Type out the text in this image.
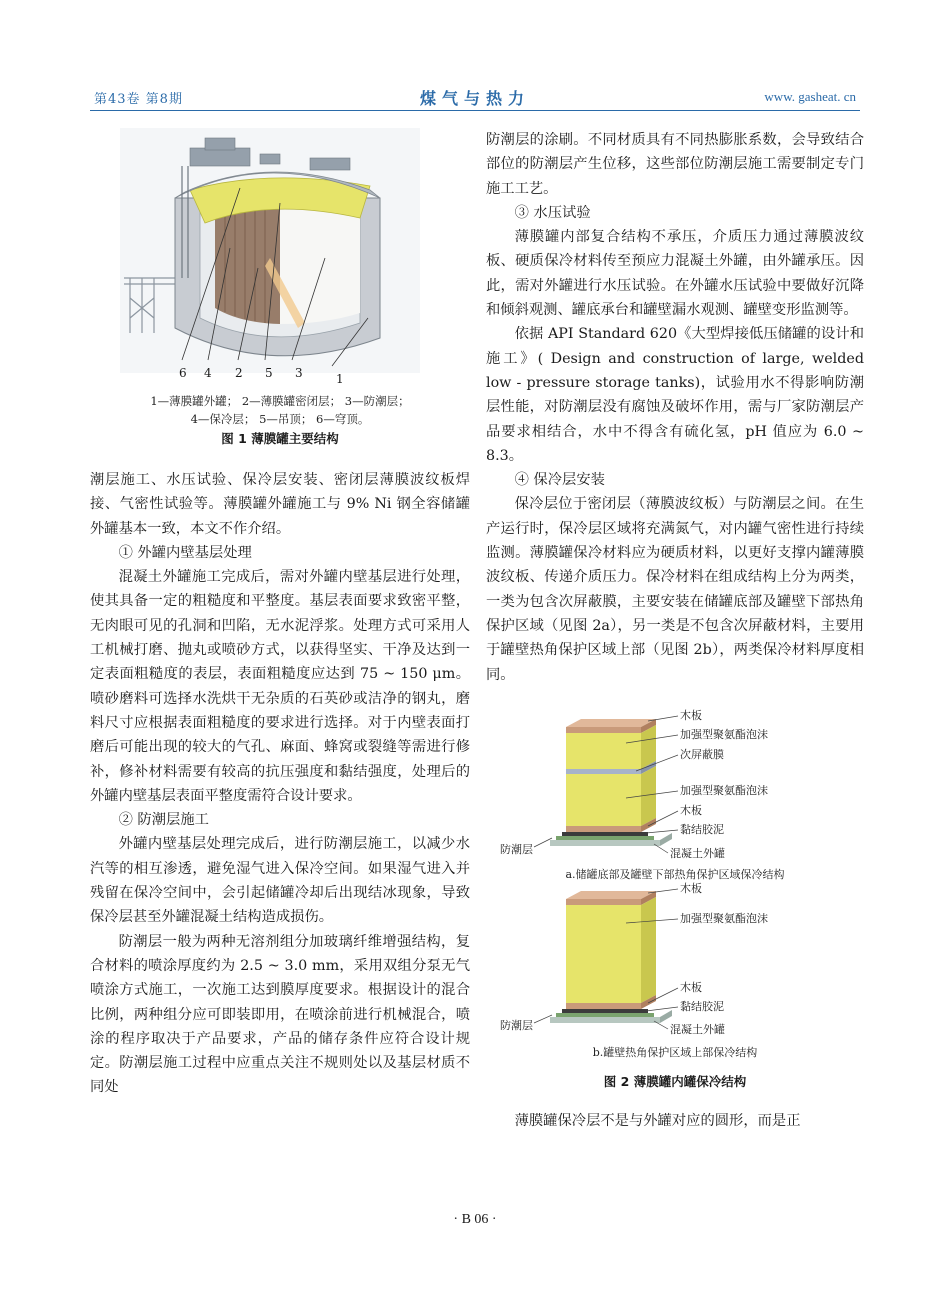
第43卷 第8期	煤气与热力	www. gasheat. cn
6 4 2 5 3	1
1—薄膜罐外罐； 2—薄膜罐密闭层； 3—防潮层；
4—保冷层； 5—吊顶； 6—穹顶。
图 1 薄膜罐主要结构

潮层施工、水压试验、保冷层安装、密闭层薄膜波纹板焊接、气密性试验等。薄膜罐外罐施工与 9% Ni 钢全容储罐外罐基本一致，本文不作介绍。

① 外罐内壁基层处理

混凝土外罐施工完成后，需对外罐内壁基层进行处理，使其具备一定的粗糙度和平整度。基层表面要求致密平整，无肉眼可见的孔洞和凹陷，无水泥浮浆。处理方式可采用人工机械打磨、抛丸或喷砂方式，以获得坚实、干净及达到一定表面粗糙度的表层，表面粗糙度应达到 75 ~ 150 μm。喷砂磨料可选择水洗烘干无杂质的石英砂或洁净的钢丸，磨料尺寸应根据表面粗糙度的要求进行选择。对于内壁表面打磨后可能出现的较大的气孔、麻面、蜂窝或裂缝等需进行修补，修补材料需要有较高的抗压强度和黏结强度，处理后的外罐内壁基层表面平整度需符合设计要求。

② 防潮层施工

外罐内壁基层处理完成后，进行防潮层施工，以减少水汽等的相互渗透，避免湿气进入保冷空间。如果湿气进入并残留在保冷空间中，会引起储罐冷却后出现结冰现象，导致保冷层甚至外罐混凝土结构造成损伤。

防潮层一般为两种无溶剂组分加玻璃纤维增强结构，复合材料的喷涂厚度约为 2.5 ~ 3.0 mm，采用双组分泵无气喷涂方式施工，一次施工达到膜厚度要求。根据设计的混合比例，两种组分应可即装即用，在喷涂前进行机械混合，喷涂的程序取决于产品要求，产品的储存条件应符合设计规定。防潮层施工过程中应重点关注不规则处以及基层材质不同处

防潮层的涂刷。不同材质具有不同热膨胀系数，会导致结合部位的防潮层产生位移，这些部位防潮层施工需要制定专门施工工艺。

③ 水压试验

薄膜罐内部复合结构不承压，介质压力通过薄膜波纹板、硬质保冷材料传至预应力混凝土外罐，由外罐承压。因此，需对外罐进行水压试验。在外罐水压试验中要做好沉降和倾斜观测、罐底承台和罐壁漏水观测、罐壁变形监测等。

依据 API Standard 620《大型焊接低压储罐的设计和施工》( Design and construction of large, welded low - pressure storage tanks)，试验用水不得影响防潮层性能，对防潮层没有腐蚀及破坏作用，需与厂家防潮层产品要求相结合，水中不得含有硫化氢，pH 值应为 6.0 ~ 8.3。

④ 保冷层安装

保冷层位于密闭层（薄膜波纹板）与防潮层之间。在生产运行时，保冷层区域将充满氮气，对内罐气密性进行持续监测。薄膜罐保冷材料应为硬质材料，以更好支撑内罐薄膜波纹板、传递介质压力。保冷材料在组成结构上分为两类，一类为包含次屏蔽膜，主要安装在储罐底部及罐壁下部热角保护区域（见图 2a），另一类是不包含次屏蔽材料，主要用于罐壁热角保护区域上部（见图 2b），两类保冷材料厚度相同。

木板
加强型聚氨酯泡沫
次屏蔽膜
加强型聚氨酯泡沫
木板
黏结胶泥
防潮层	混凝土外罐
a.储罐底部及罐壁下部热角保护区域保冷结构
木板
加强型聚氨酯泡沫
木板
黏结胶泥
防潮层	混凝土外罐
b.罐壁热角保护区域上部保冷结构
图 2 薄膜罐内罐保冷结构

薄膜罐保冷层不是与外罐对应的圆形，而是正

· B 06 ·
